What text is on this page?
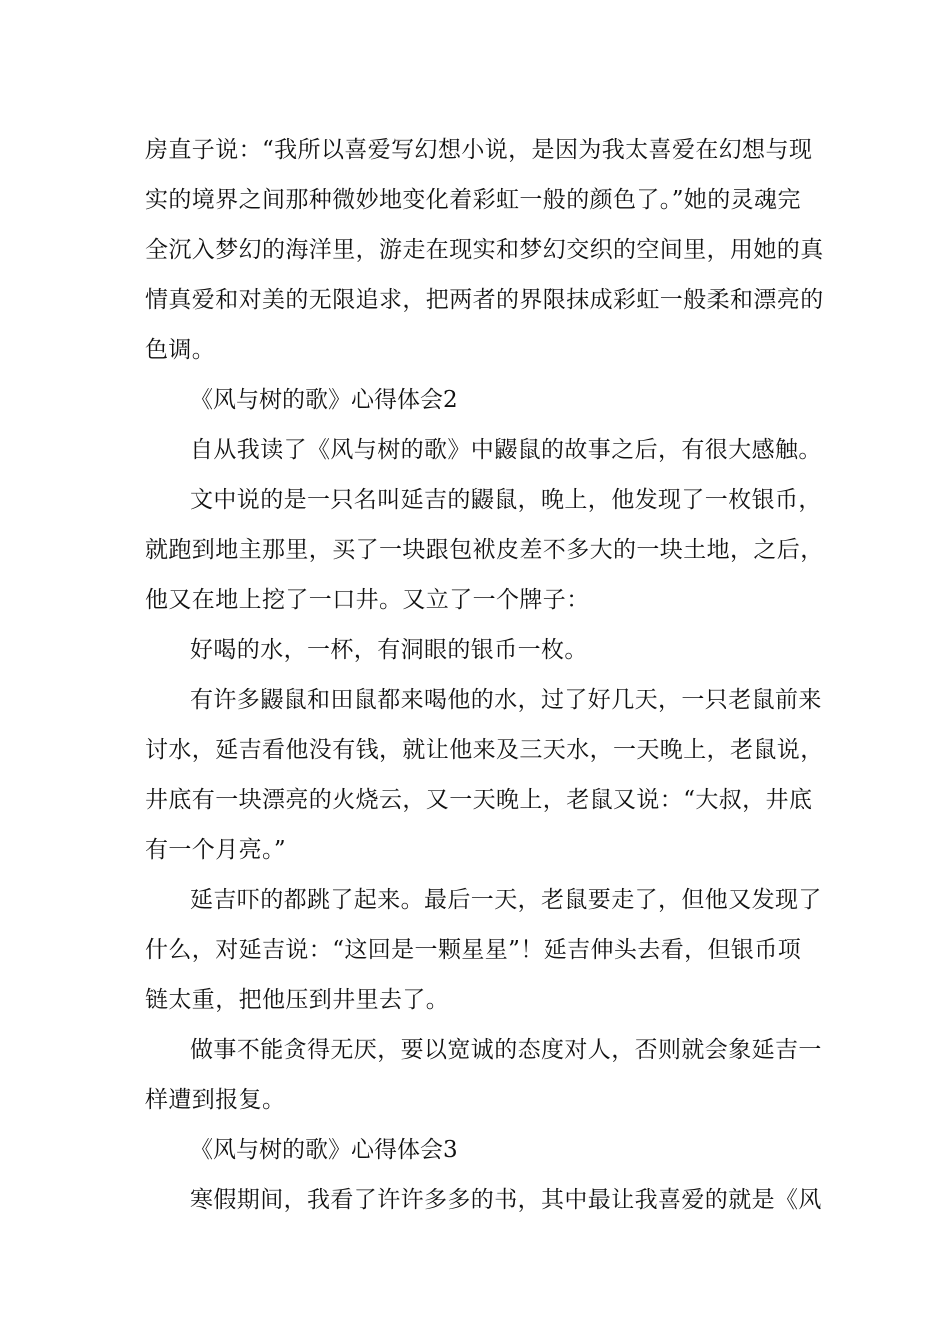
房直子说：“我所以喜爱写幻想小说，是因为我太喜爱在幻想与现
实的境界之间那种微妙地变化着彩虹一般的颜色了。”她的灵魂完
全沉入梦幻的海洋里，游走在现实和梦幻交织的空间里，用她的真
情真爱和对美的无限追求，把两者的界限抹成彩虹一般柔和漂亮的
色调。
《风与树的歌》心得体会2
自从我读了《风与树的歌》中鼹鼠的故事之后，有很大感触。
文中说的是一只名叫延吉的鼹鼠，晚上，他发现了一枚银币，
就跑到地主那里，买了一块跟包袱皮差不多大的一块土地，之后，
他又在地上挖了一口井。又立了一个牌子：
好喝的水，一杯，有洞眼的银币一枚。
有许多鼹鼠和田鼠都来喝他的水，过了好几天，一只老鼠前来
讨水，延吉看他没有钱，就让他来及三天水，一天晚上，老鼠说，
井底有一块漂亮的火烧云，又一天晚上，老鼠又说：“大叔，井底
有一个月亮。”
延吉吓的都跳了起来。最后一天，老鼠要走了，但他又发现了
什么，对延吉说：“这回是一颗星星”！延吉伸头去看，但银币项
链太重，把他压到井里去了。
做事不能贪得无厌，要以宽诚的态度对人，否则就会象延吉一
样遭到报复。
《风与树的歌》心得体会3
寒假期间，我看了许许多多的书，其中最让我喜爱的就是《风
